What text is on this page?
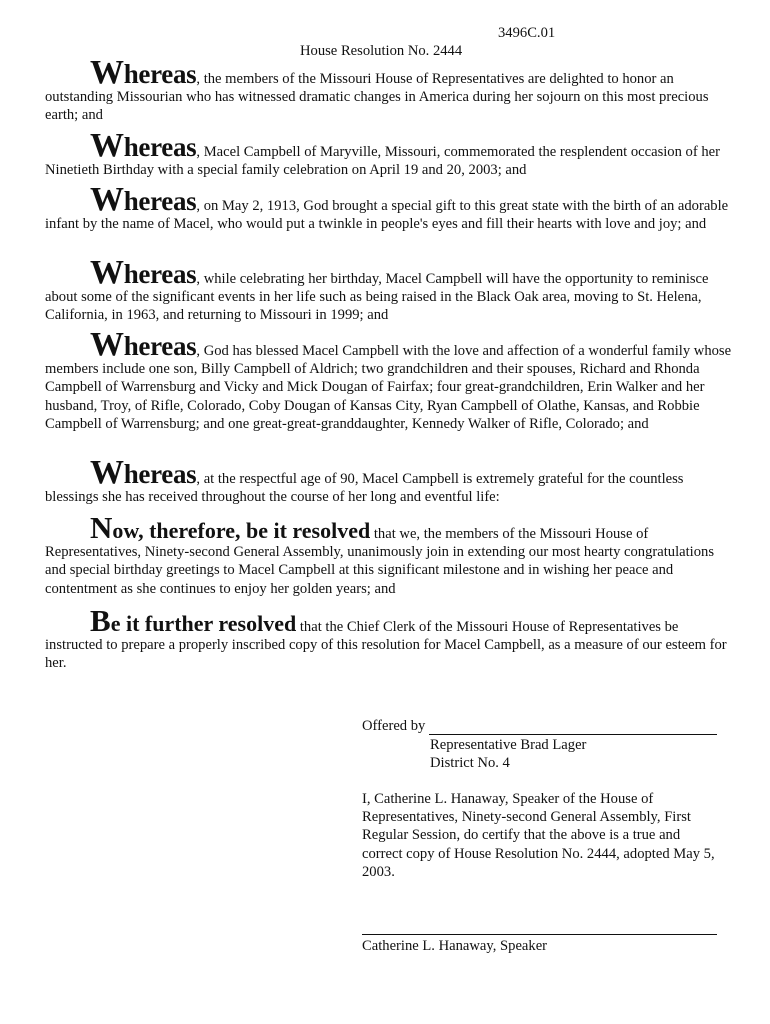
3496C.01
House Resolution No. 2444
Whereas, the members of the Missouri House of Representatives are delighted to honor an outstanding Missourian who has witnessed dramatic changes in America during her sojourn on this most precious earth; and
Whereas, Macel Campbell of Maryville, Missouri, commemorated the resplendent occasion of her Ninetieth Birthday with a special family celebration on April 19 and 20, 2003; and
Whereas, on May 2, 1913, God brought a special gift to this great state with the birth of an adorable infant by the name of Macel, who would put a twinkle in people's eyes and fill their hearts with love and joy; and
Whereas, while celebrating her birthday, Macel Campbell will have the opportunity to reminisce about some of the significant events in her life such as being raised in the Black Oak area, moving to St. Helena, California, in 1963, and returning to Missouri in 1999; and
Whereas, God has blessed Macel Campbell with the love and affection of a wonderful family whose members include one son, Billy Campbell of Aldrich; two grandchildren and their spouses, Richard and Rhonda Campbell of Warrensburg and Vicky and Mick Dougan of Fairfax; four great-grandchildren, Erin Walker and her husband, Troy, of Rifle, Colorado, Coby Dougan of Kansas City, Ryan Campbell of Olathe, Kansas, and Robbie Campbell of Warrensburg; and one great-great-granddaughter, Kennedy Walker of Rifle, Colorado; and
Whereas, at the respectful age of 90, Macel Campbell is extremely grateful for the countless blessings she has received throughout the course of her long and eventful life:
Now, therefore, be it resolved that we, the members of the Missouri House of Representatives, Ninety-second General Assembly, unanimously join in extending our most hearty congratulations and special birthday greetings to Macel Campbell at this significant milestone and in wishing her peace and contentment as she continues to enjoy her golden years; and
Be it further resolved that the Chief Clerk of the Missouri House of Representatives be instructed to prepare a properly inscribed copy of this resolution for Macel Campbell, as a measure of our esteem for her.
Offered by
Representative Brad Lager
District No. 4
I, Catherine L. Hanaway, Speaker of the House of Representatives, Ninety-second General Assembly, First Regular Session, do certify that the above is a true and correct copy of House Resolution No. 2444, adopted May 5, 2003.
Catherine L. Hanaway, Speaker
